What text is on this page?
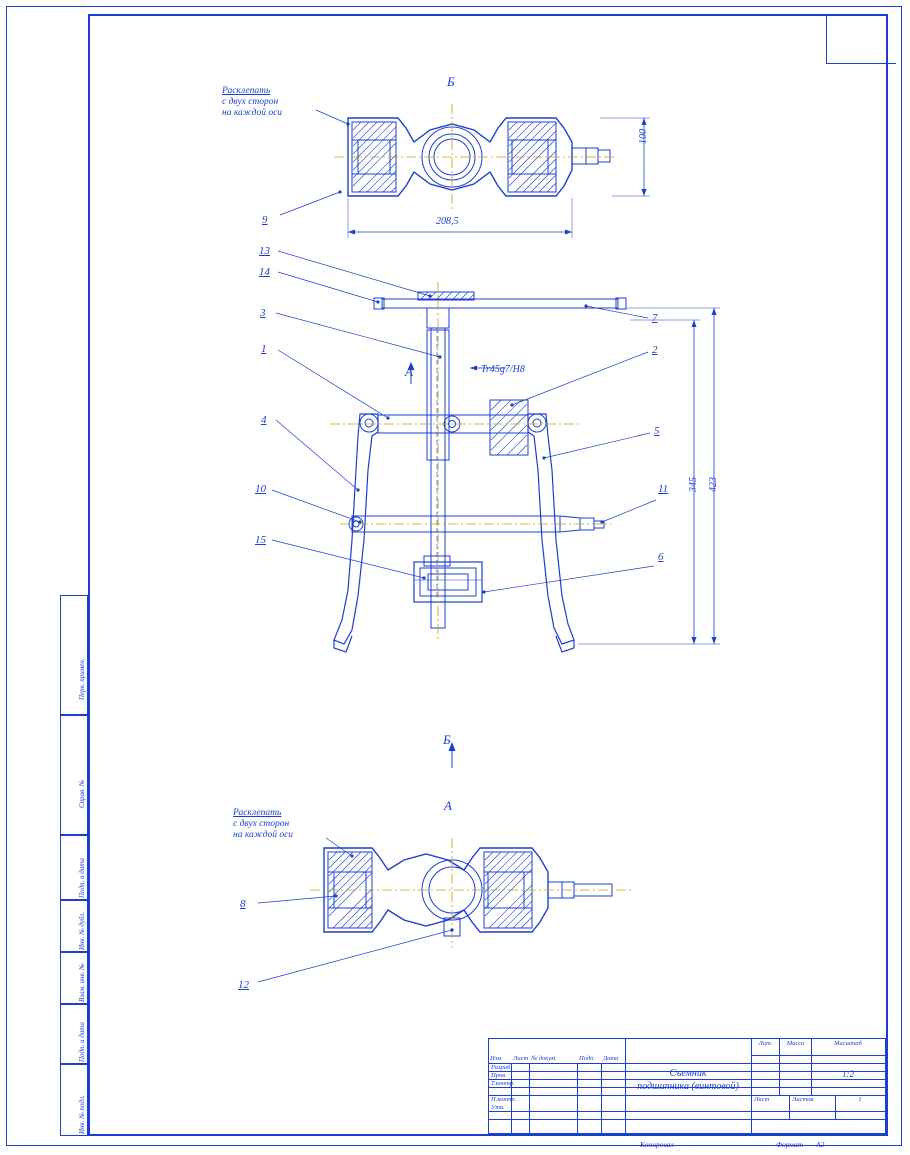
Перв. примен.
Справ. №
Подп. и дата
Инв. № дубл.
Взам. инв. №
Подп. и дата
Инв. № подл.
Б
А
А
Б
Расклепать
с двух сторон
на каждой оси
Расклепать
с двух сторон
на каждой оси
208,5
100
Tr45g7/H8
345 423
9
13
14
3
1
4
10
15
7
2
5
11
6
8
12
Изм	Лист № докум.	Подп.	Дата
Разраб.
Пров.
Т.контр.
Н.контр.
Утв.
Съемник
подшипника (винтовой)
Лит.	Масса	Масштаб
1:2
Лист	Листов	1
Копировал	Формат А2
